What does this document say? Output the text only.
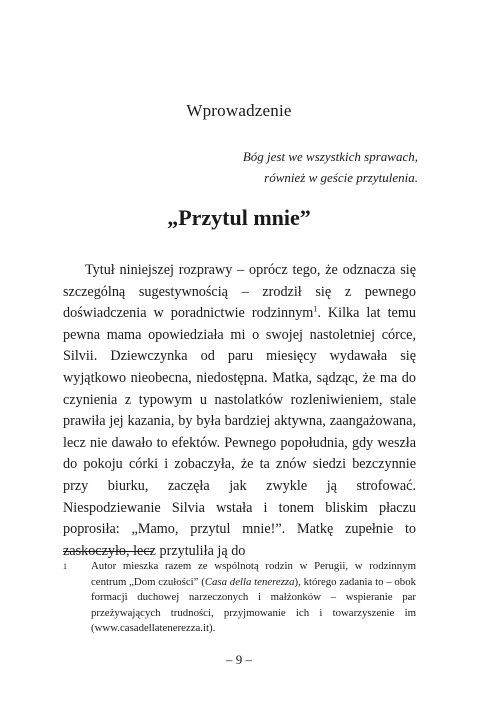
Wprowadzenie
Bóg jest we wszystkich sprawach,
również w geście przytulenia.
„Przytul mnie”

Tytuł niniejszej rozprawy – oprócz tego, że odznacza się szczególną sugestywnością – zrodził się z pewnego doświadczenia w poradnictwie rodzinnym$^1$. Kilka lat temu pewna mama opowiedziała mi o swojej nastoletniej córce, Silvii. Dziewczynka od paru miesięcy wydawała się wyjątkowo nieobecna, niedostępna. Matka, sądząc, że ma do czynienia z typowym u nastolatków rozleniwieniem, stale prawiła jej kazania, by była bardziej aktywna, zaangażowana, lecz nie dawało to efektów. Pewnego popołudnia, gdy weszła do pokoju córki i zobaczyła, że ta znów siedzi bezczynnie przy biurku, zaczęła jak zwykle ją strofować. Niespodziewanie Silvia wstała i tonem bliskim płaczu poprosiła: „Mamo, przytul mnie!”. Matkę zupełnie to zaskoczyło, lecz przytuliła ją do

1 Autor mieszka razem ze wspólnotą rodzin w Perugii, w rodzinnym centrum „Dom czułości” (Casa della tenerezza), którego zadania to – obok formacji duchowej narzeczonych i małżonków – wspieranie par przeżywających trudności, przyjmowanie ich i towarzyszenie im (www.casadellatenerezza.it).
– 9 –
